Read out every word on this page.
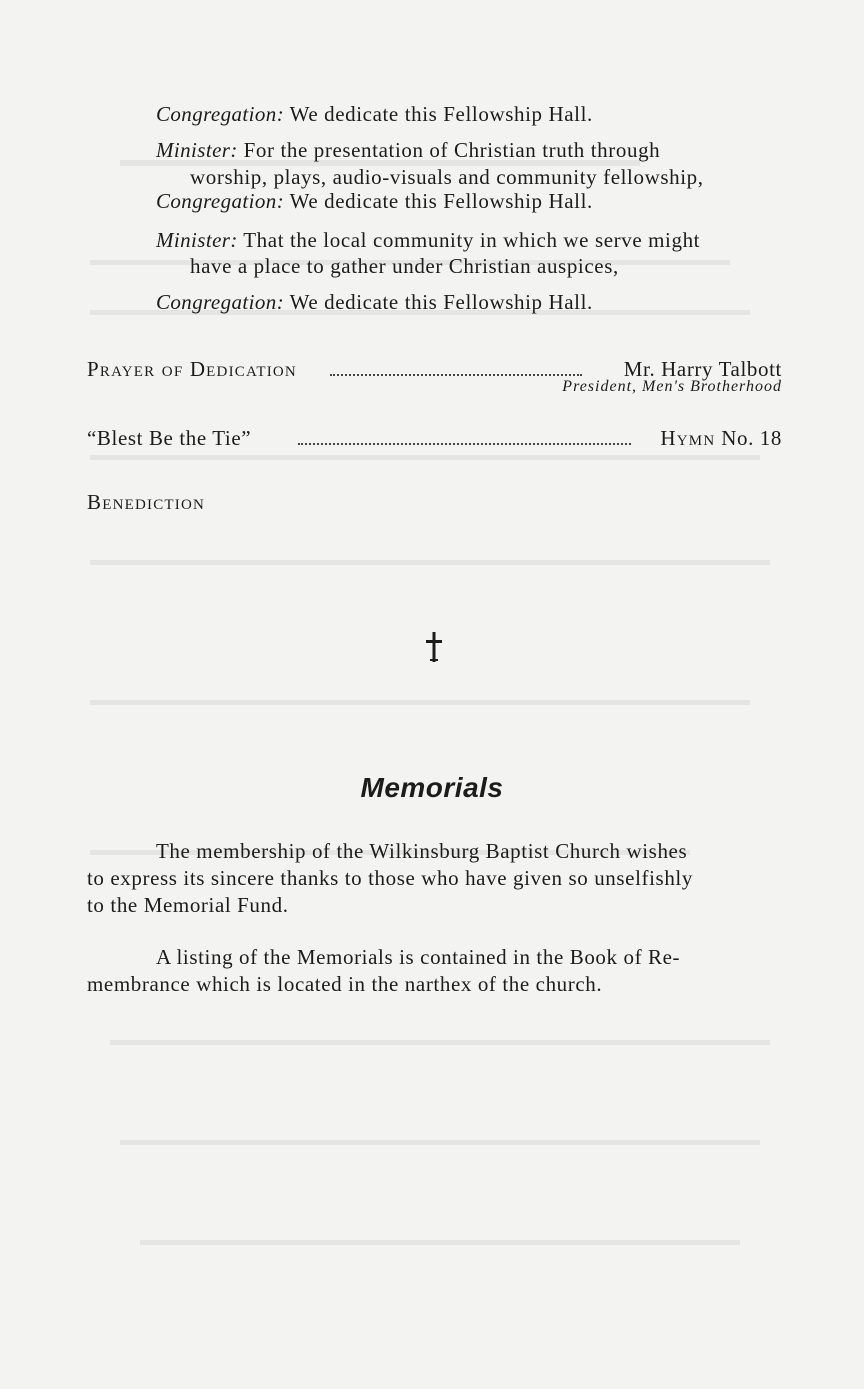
Congregation: We dedicate this Fellowship Hall.
Minister: For the presentation of Christian truth through
worship, plays, audio-visuals and community fellowship,
Congregation: We dedicate this Fellowship Hall.
Minister: That the local community in which we serve might
have a place to gather under Christian auspices,
Congregation: We dedicate this Fellowship Hall.
Prayer of Dedication	Mr. Harry Talbott
President, Men's Brotherhood
“Blest Be the Tie”	Hymn No. 18
Benediction
Memorials
The membership of the Wilkinsburg Baptist Church wishes
to express its sincere thanks to those who have given so unselfishly
to the Memorial Fund.
A listing of the Memorials is contained in the Book of Re-
membrance which is located in the narthex of the church.
